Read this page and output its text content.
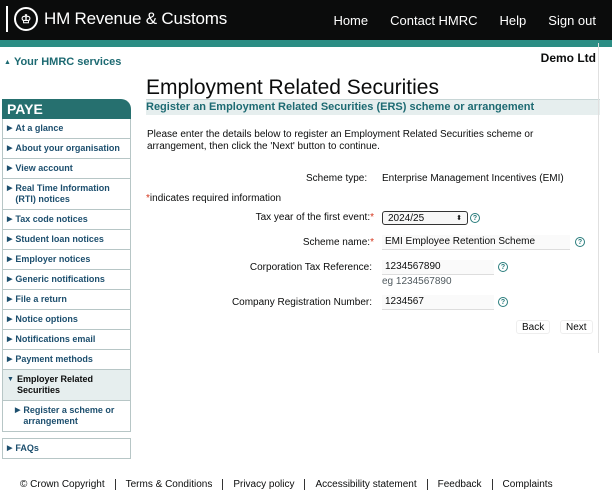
♔ HM Revenue & Customs	Home Contact HMRC Help Sign out
▲ Your HMRC services	Demo Ltd
Employment Related Securities
PAYE
▶ At a glance
▶ About your organisation
▶ View account
▶ Real Time Information (RTI) notices
▶ Tax code notices
▶ Student loan notices
▶ Employer notices
▶ Generic notifications
▶ File a return
▶ Notice options
▶ Notifications email
▶ Payment methods
▼ Employer Related Securities
▶ Register a scheme or arrangement
▶ FAQs
Register an Employment Related Securities (ERS) scheme or arrangement
Please enter the details below to register an Employment Related Securities scheme or arrangement, then click the 'Next' button to continue.
Scheme type: Enterprise Management Incentives (EMI)
*indicates required information
Tax year of the first event:* 2024/25	⬍	?
Scheme name:*	EMI Employee Retention Scheme	?
Corporation Tax Reference:	1234567890	?
eg 1234567890
Company Registration Number:	1234567	?
Back	Next
© Crown Copyright	Terms & Conditions	Privacy policy	Accessibility statement	Feedback	Complaints
